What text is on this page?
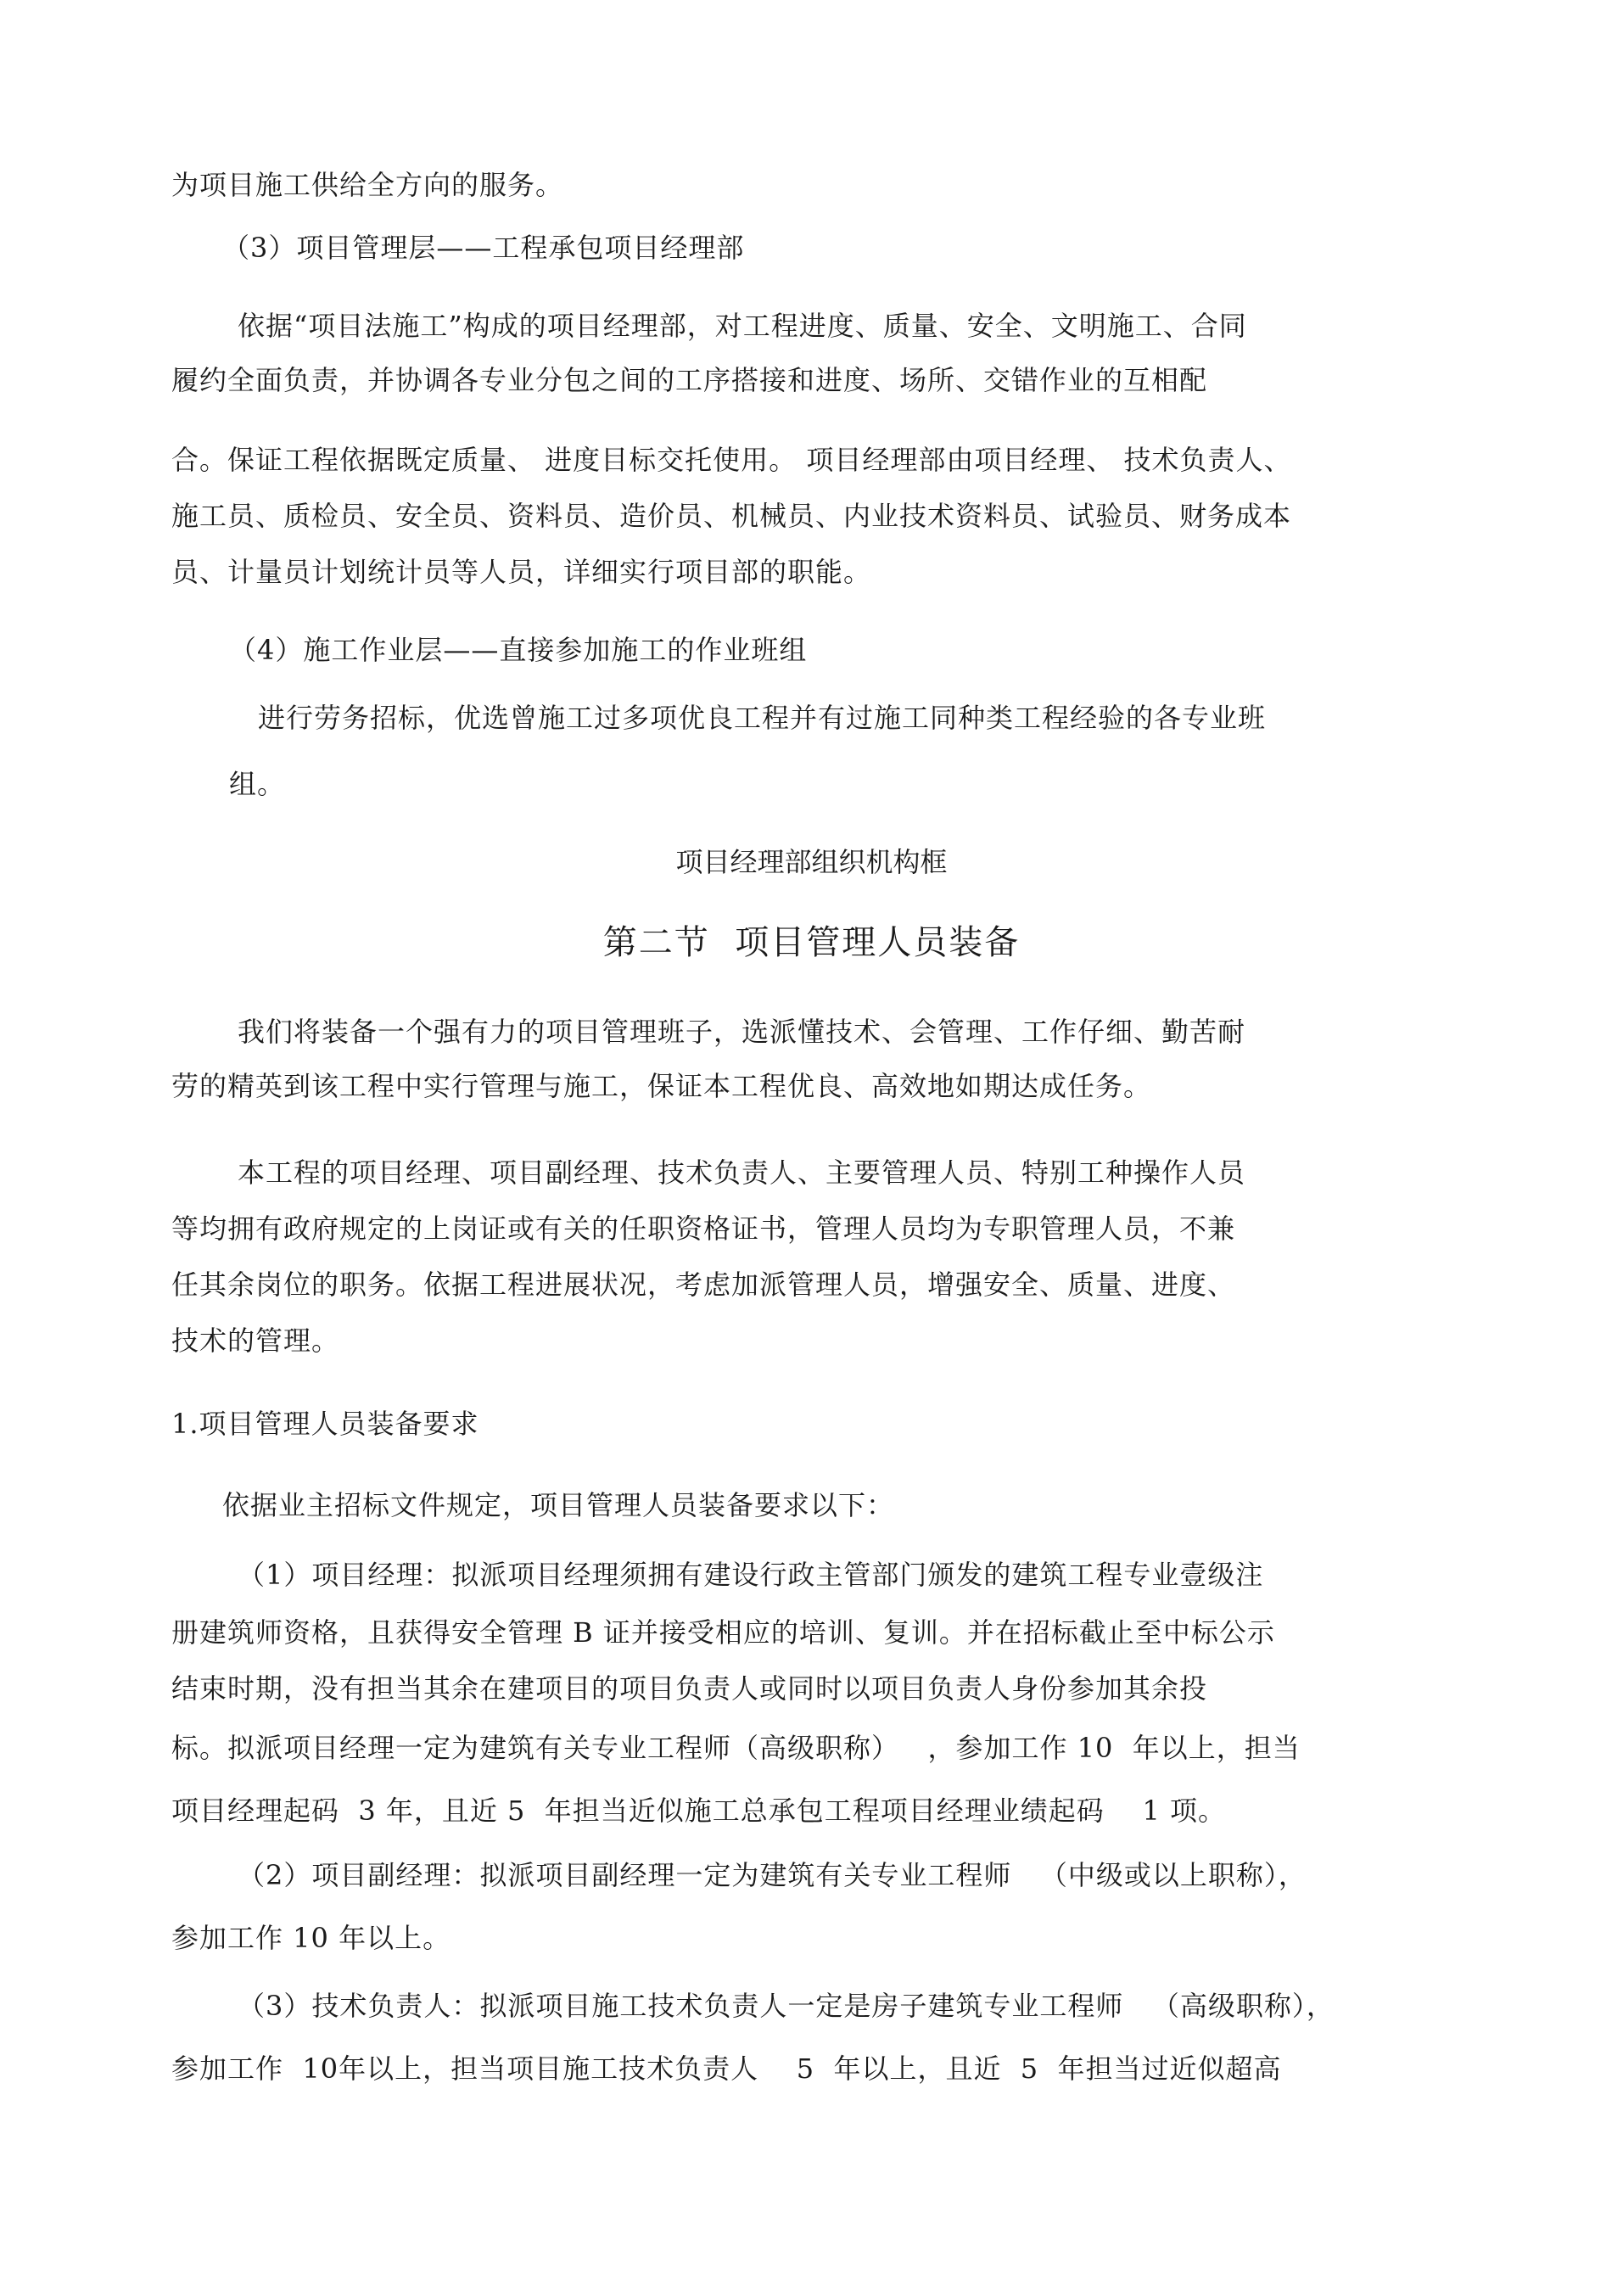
为项目施工供给全方向的服务。

（3）项目管理层——工程承包项目经理部

依据“项目法施工”构成的项目经理部，对工程进度、质量、安全、文明施工、合同

履约全面负责，并协调各专业分包之间的工序搭接和进度、场所、交错作业的互相配

合。保证工程依据既定质量、 进度目标交托使用。 项目经理部由项目经理、 技术负责人、

施工员、质检员、安全员、资料员、造价员、机械员、内业技术资料员、试验员、财务成本

员、计量员计划统计员等人员，详细实行项目部的职能。

（4）施工作业层——直接参加施工的作业班组

进行劳务招标，优选曾施工过多项优良工程并有过施工同种类工程经验的各专业班

组。

项目经理部组织机构框
第二节  项目管理人员装备

我们将装备一个强有力的项目管理班子，选派懂技术、会管理、工作仔细、勤苦耐

劳的精英到该工程中实行管理与施工，保证本工程优良、高效地如期达成任务。

本工程的项目经理、项目副经理、技术负责人、主要管理人员、特别工种操作人员

等均拥有政府规定的上岗证或有关的任职资格证书，管理人员均为专职管理人员，不兼

任其余岗位的职务。依据工程进展状况，考虑加派管理人员，增强安全、质量、进度、

技术的管理。

1.项目管理人员装备要求

依据业主招标文件规定，项目管理人员装备要求以下：

（1）项目经理：拟派项目经理须拥有建设行政主管部门颁发的建筑工程专业壹级注

册建筑师资格，且获得安全管理 B 证并接受相应的培训、复训。并在招标截止至中标公示

结束时期，没有担当其余在建项目的项目负责人或同时以项目负责人身份参加其余投

标。拟派项目经理一定为建筑有关专业工程师（高级职称）   ，参加工作 10  年以上，担当

项目经理起码  3 年，且近 5  年担当近似施工总承包工程项目经理业绩起码    1 项。

（2）项目副经理：拟派项目副经理一定为建筑有关专业工程师   （中级或以上职称），

参加工作 10 年以上。

（3）技术负责人：拟派项目施工技术负责人一定是房子建筑专业工程师   （高级职称），

参加工作  10年以上，担当项目施工技术负责人    5  年以上，且近  5  年担当过近似超高
